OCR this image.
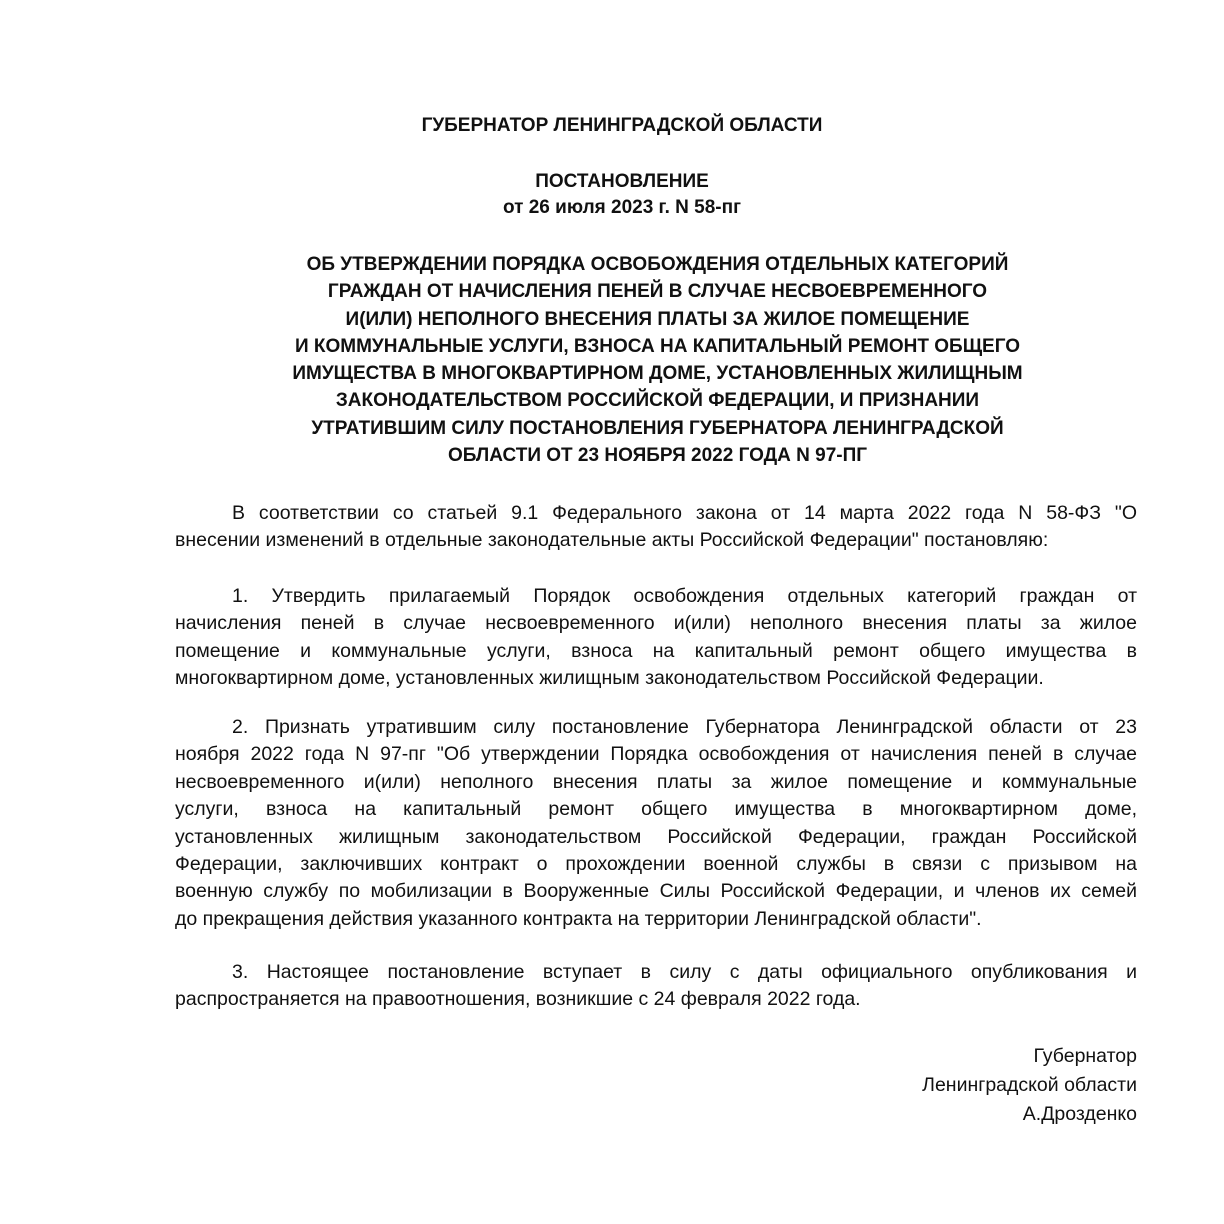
ГУБЕРНАТОР ЛЕНИНГРАДСКОЙ ОБЛАСТИ
ПОСТАНОВЛЕНИЕ
от 26 июля 2023 г. N 58-пг
ОБ УТВЕРЖДЕНИИ ПОРЯДКА ОСВОБОЖДЕНИЯ ОТДЕЛЬНЫХ КАТЕГОРИЙ
ГРАЖДАН ОТ НАЧИСЛЕНИЯ ПЕНЕЙ В СЛУЧАЕ НЕСВОЕВРЕМЕННОГО
И(ИЛИ) НЕПОЛНОГО ВНЕСЕНИЯ ПЛАТЫ ЗА ЖИЛОЕ ПОМЕЩЕНИЕ
И КОММУНАЛЬНЫЕ УСЛУГИ, ВЗНОСА НА КАПИТАЛЬНЫЙ РЕМОНТ ОБЩЕГО
ИМУЩЕСТВА В МНОГОКВАРТИРНОМ ДОМЕ, УСТАНОВЛЕННЫХ ЖИЛИЩНЫМ
ЗАКОНОДАТЕЛЬСТВОМ РОССИЙСКОЙ ФЕДЕРАЦИИ, И ПРИЗНАНИИ
УТРАТИВШИМ СИЛУ ПОСТАНОВЛЕНИЯ ГУБЕРНАТОРА ЛЕНИНГРАДСКОЙ
ОБЛАСТИ ОТ 23 НОЯБРЯ 2022 ГОДА N 97-ПГ
В соответствии со статьей 9.1 Федерального закона от 14 марта 2022 года N 58-ФЗ "О
внесении изменений в отдельные законодательные акты Российской Федерации" постановляю:
1. Утвердить прилагаемый Порядок освобождения отдельных категорий граждан от
начисления пеней в случае несвоевременного и(или) неполного внесения платы за жилое
помещение и коммунальные услуги, взноса на капитальный ремонт общего имущества в
многоквартирном доме, установленных жилищным законодательством Российской Федерации.
2. Признать утратившим силу постановление Губернатора Ленинградской области от 23
ноября 2022 года N 97-пг "Об утверждении Порядка освобождения от начисления пеней в случае
несвоевременного и(или) неполного внесения платы за жилое помещение и коммунальные
услуги, взноса на капитальный ремонт общего имущества в многоквартирном доме,
установленных жилищным законодательством Российской Федерации, граждан Российской
Федерации, заключивших контракт о прохождении военной службы в связи с призывом на
военную службу по мобилизации в Вооруженные Силы Российской Федерации, и членов их семей
до прекращения действия указанного контракта на территории Ленинградской области".
3. Настоящее постановление вступает в силу с даты официального опубликования и
распространяется на правоотношения, возникшие с 24 февраля 2022 года.
Губернатор
Ленинградской области
А.Дрозденко
